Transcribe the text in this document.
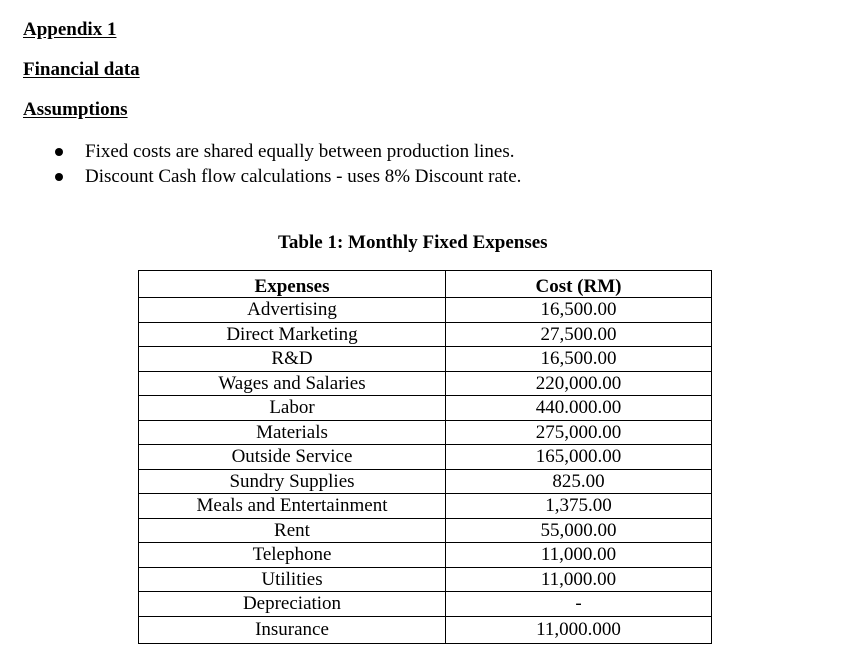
Appendix 1
Financial data
Assumptions
Fixed costs are shared equally between production lines.
Discount Cash flow calculations - uses 8% Discount rate.
Table 1: Monthly Fixed Expenses
Expenses	Cost (RM)
Advertising	16,500.00
Direct Marketing	27,500.00
R&D	16,500.00
Wages and Salaries	220,000.00
Labor	440.000.00
Materials	275,000.00
Outside Service	165,000.00
Sundry Supplies	825.00
Meals and Entertainment	1,375.00
Rent	55,000.00
Telephone	11,000.00
Utilities	11,000.00
Depreciation	-
Insurance	11,000.000
